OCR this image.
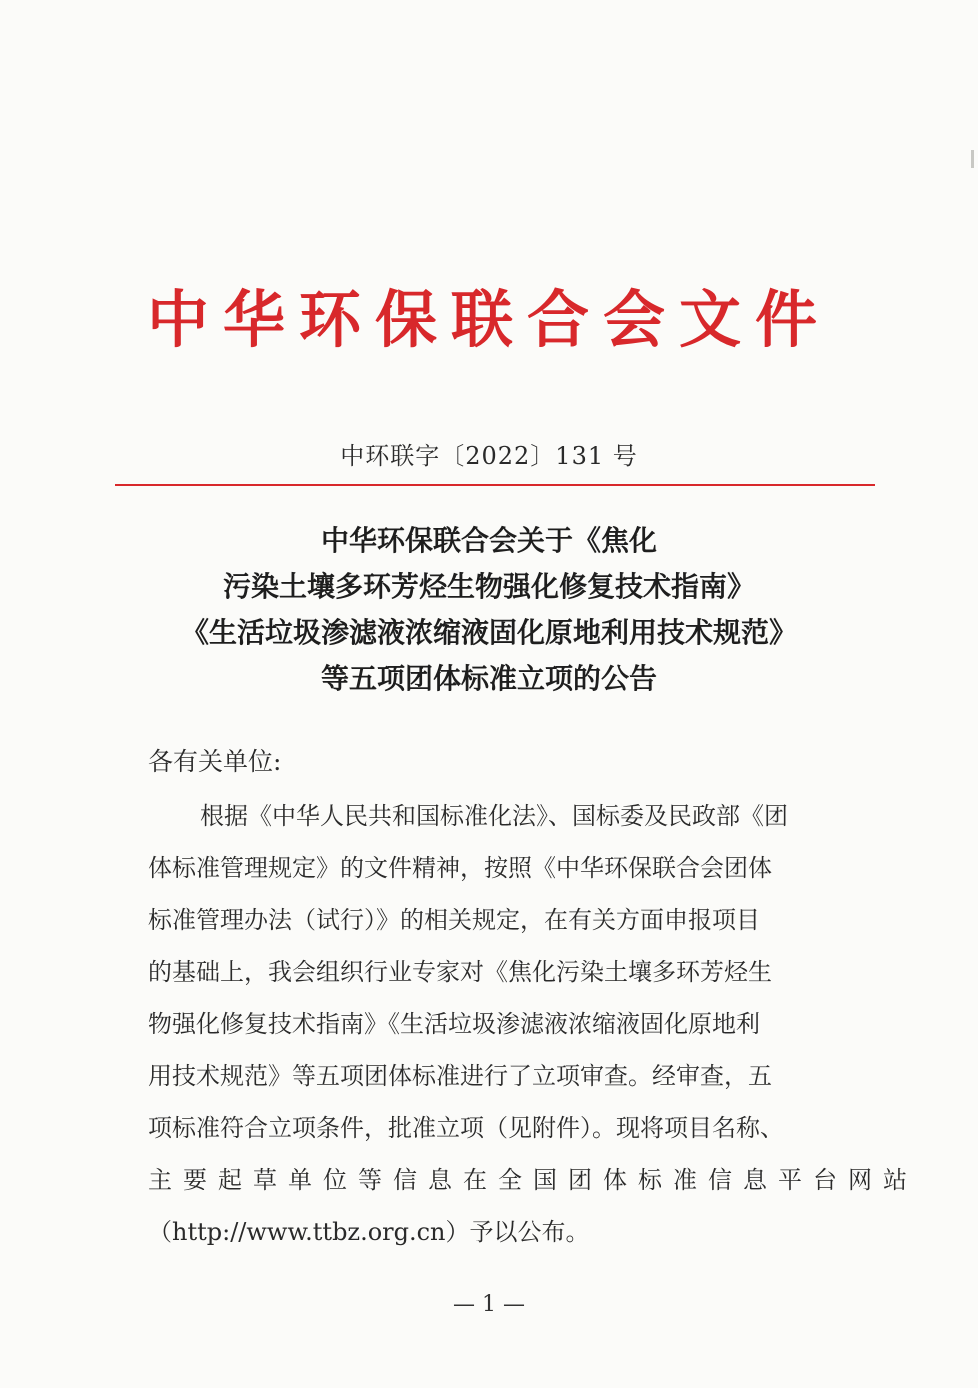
中华环保联合会文件
中环联字〔2022〕131 号
中华环保联合会关于《焦化
污染土壤多环芳烃生物强化修复技术指南》
《生活垃圾渗滤液浓缩液固化原地利用技术规范》
等五项团体标准立项的公告
各有关单位:
根据《中华人民共和国标准化法》、国标委及民政部《团
体标准管理规定》的文件精神，按照《中华环保联合会团体
标准管理办法（试行）》的相关规定，在有关方面申报项目
的基础上，我会组织行业专家对《焦化污染土壤多环芳烃生
物强化修复技术指南》《生活垃圾渗滤液浓缩液固化原地利
用技术规范》等五项团体标准进行了立项审查。经审查，五
项标准符合立项条件，批准立项（见附件）。现将项目名称、
主要起草单位等信息在全国团体标准信息平台网站
（http://www.ttbz.org.cn）予以公布。
— 1 —
